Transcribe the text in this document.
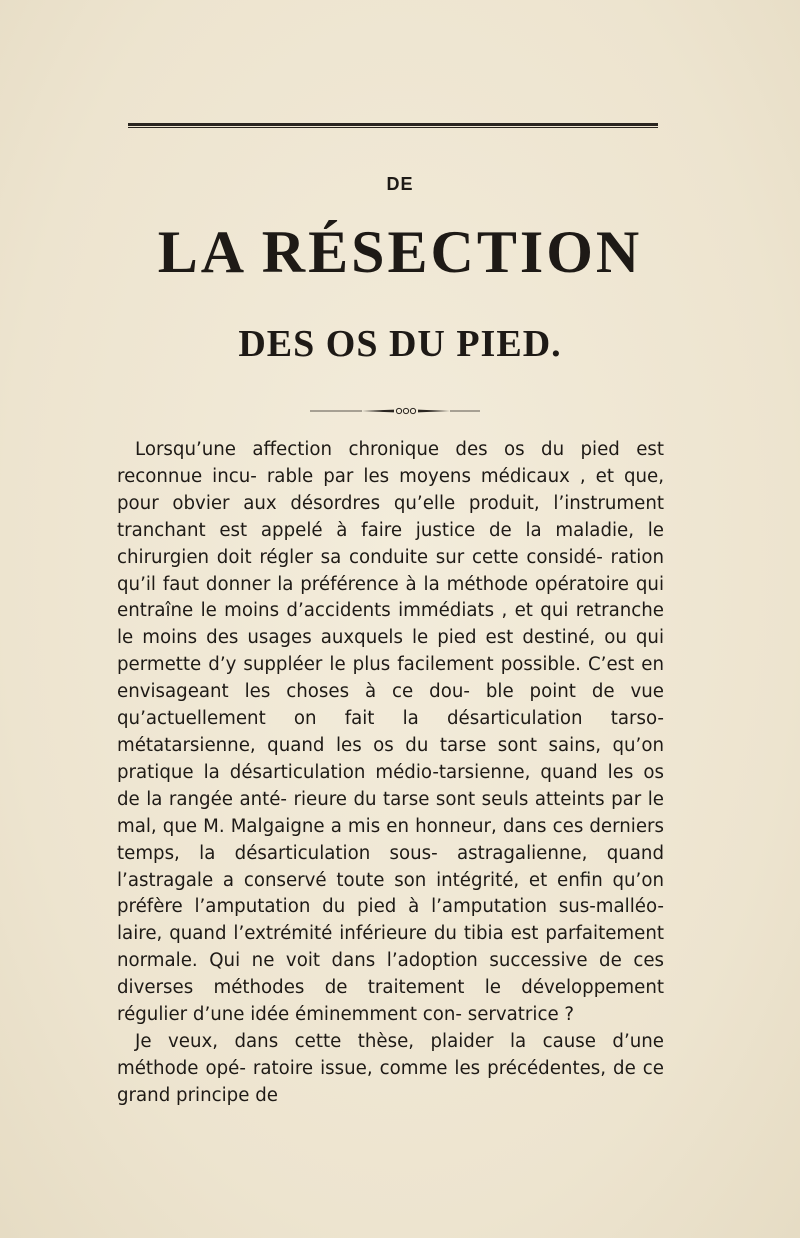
DE
LA RÉSECTION
DES OS DU PIED.

Lorsqu’une affection chronique des os du pied est reconnue incu- rable par les moyens médicaux , et que, pour obvier aux désordres qu’elle produit, l’instrument tranchant est appelé à faire justice de la maladie, le chirurgien doit régler sa conduite sur cette considé- ration qu’il faut donner la préférence à la méthode opératoire qui entraîne le moins d’accidents immédiats , et qui retranche le moins des usages auxquels le pied est destiné, ou qui permette d’y suppléer le plus facilement possible. C’est en envisageant les choses à ce dou- ble point de vue qu’actuellement on fait la désarticulation tarso- métatarsienne, quand les os du tarse sont sains, qu’on pratique la désarticulation médio-tarsienne, quand les os de la rangée anté- rieure du tarse sont seuls atteints par le mal, que M. Malgaigne a mis en honneur, dans ces derniers temps, la désarticulation sous- astragalienne, quand l’astragale a conservé toute son intégrité, et enfin qu’on préfère l’amputation du pied à l’amputation sus-malléo- laire, quand l’extrémité inférieure du tibia est parfaitement normale. Qui ne voit dans l’adoption successive de ces diverses méthodes de traitement le développement régulier d’une idée éminemment con- servatrice ?

Je veux, dans cette thèse, plaider la cause d’une méthode opé- ratoire issue, comme les précédentes, de ce grand principe de
